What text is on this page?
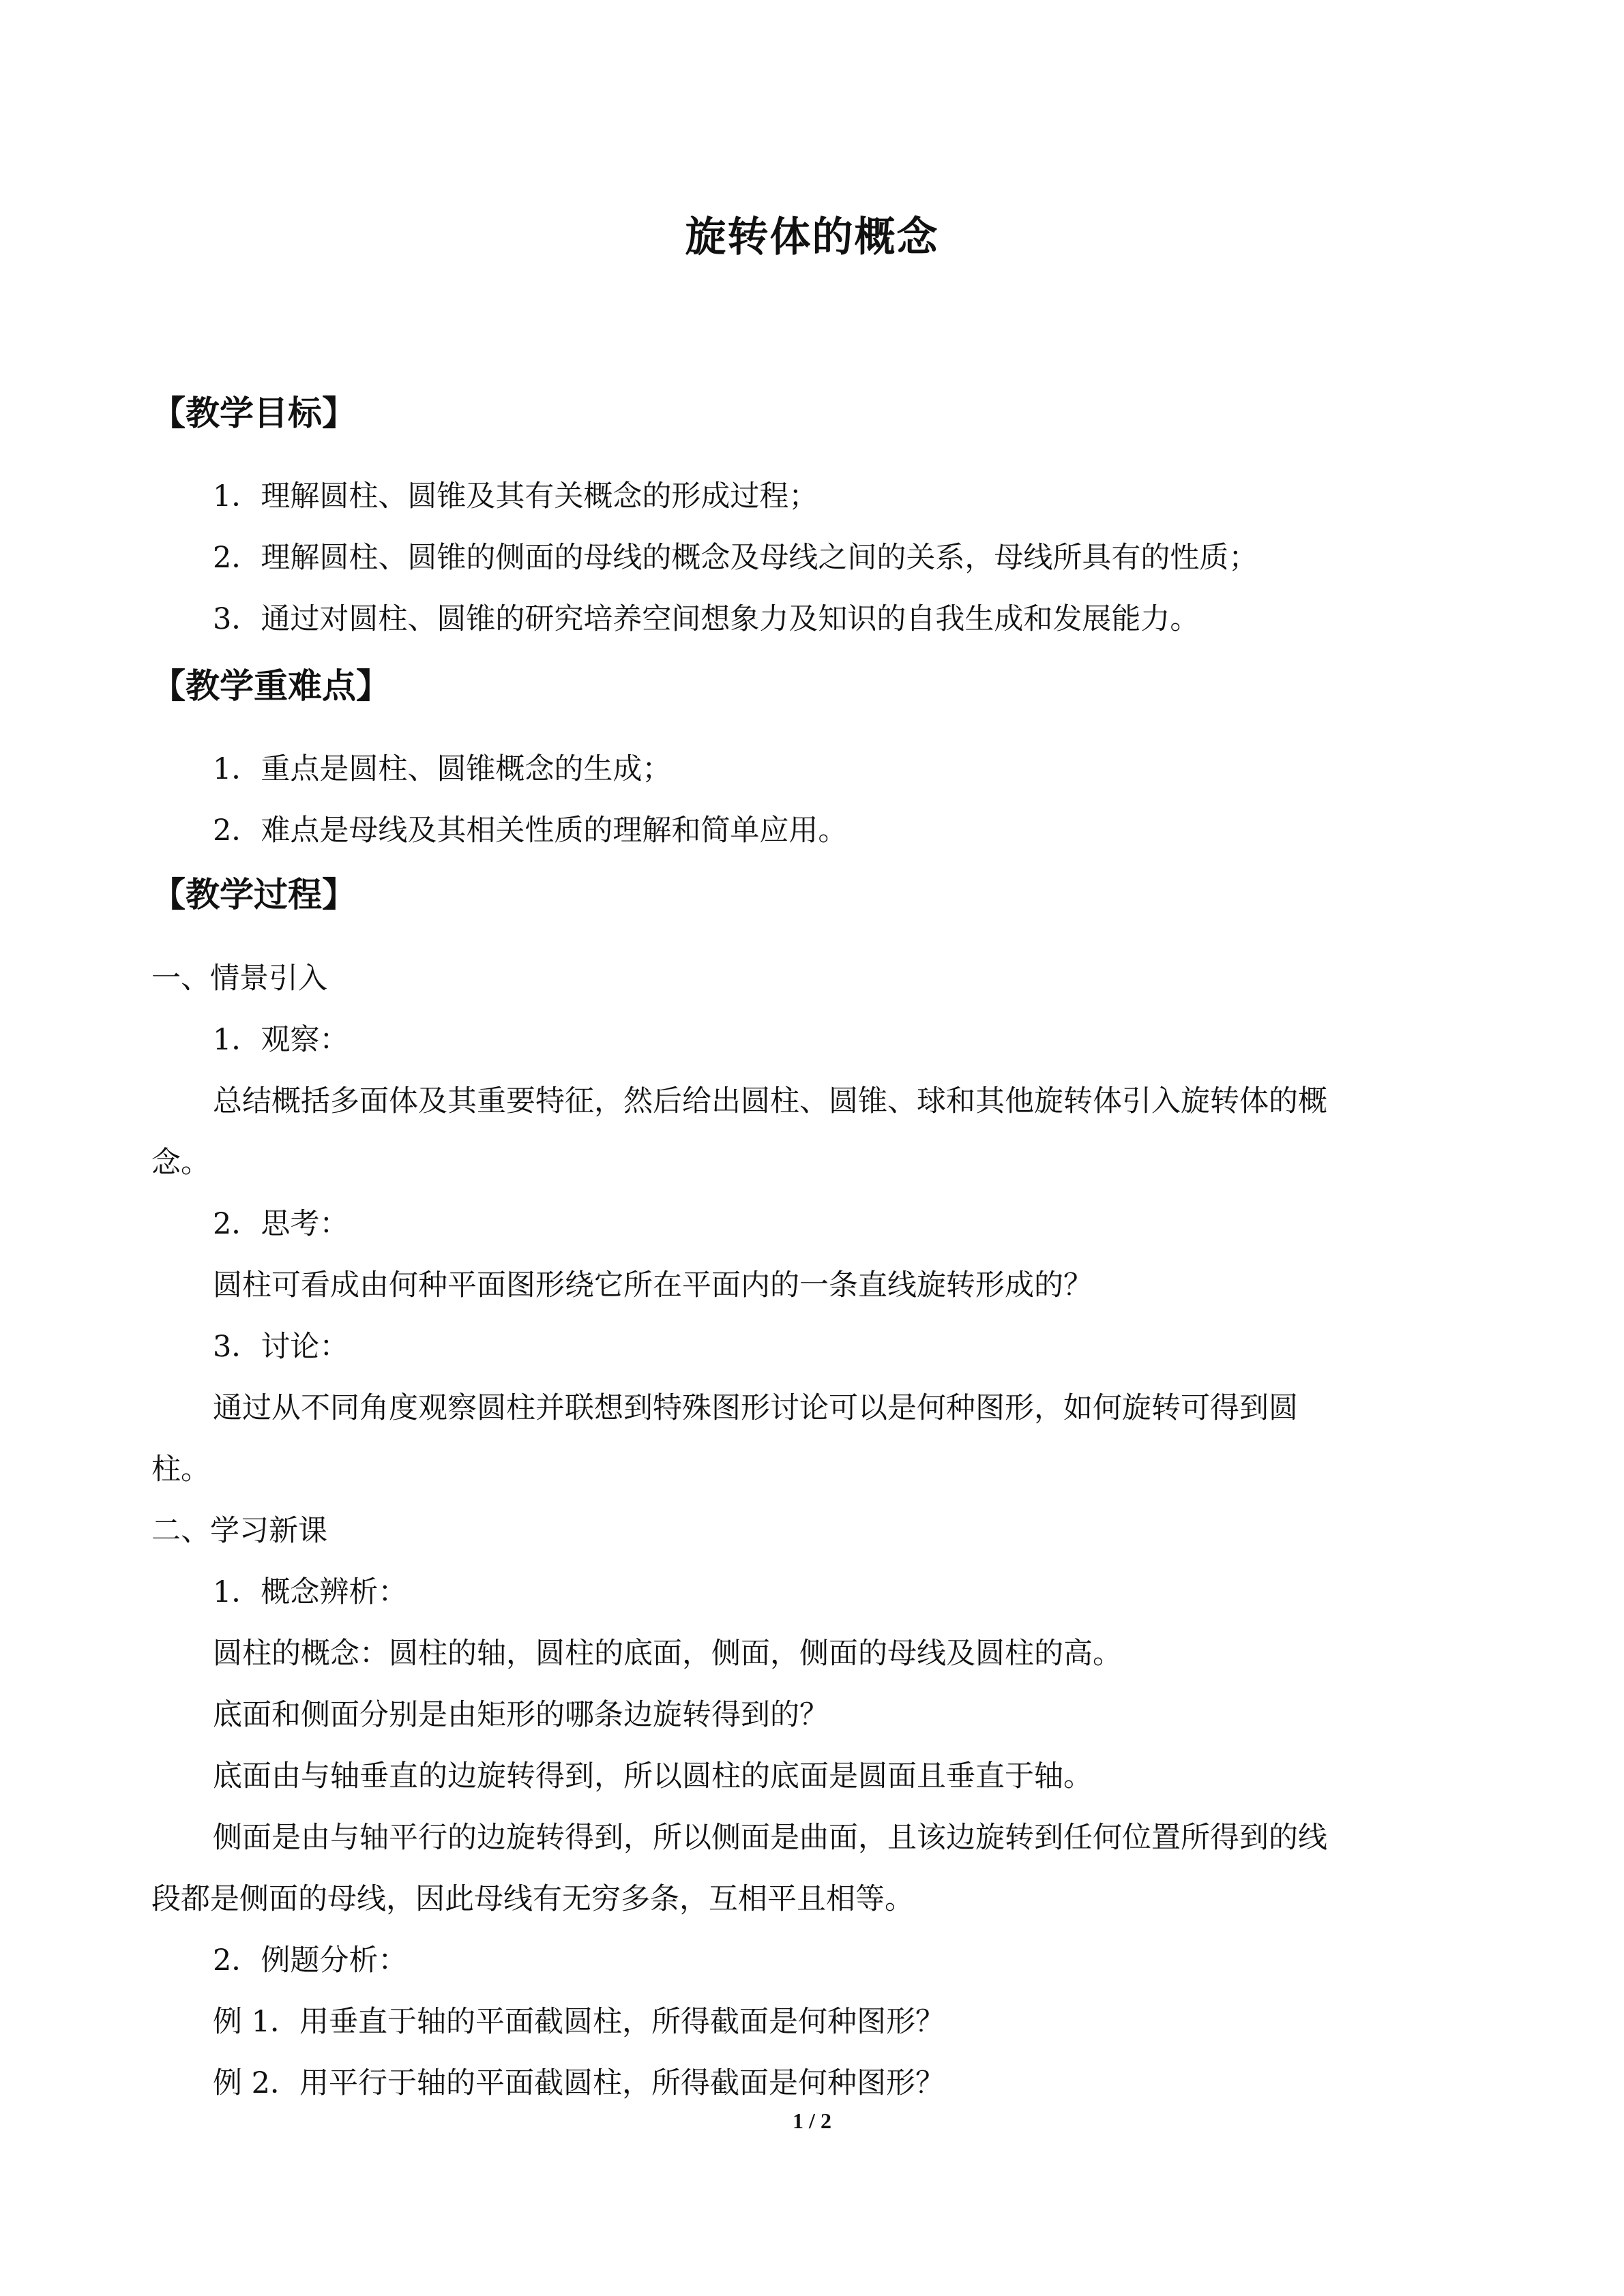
旋转体的概念
【教学目标】
1．理解圆柱、圆锥及其有关概念的形成过程；
2．理解圆柱、圆锥的侧面的母线的概念及母线之间的关系，母线所具有的性质；
3．通过对圆柱、圆锥的研究培养空间想象力及知识的自我生成和发展能力。
【教学重难点】
1．重点是圆柱、圆锥概念的生成；
2．难点是母线及其相关性质的理解和简单应用。
【教学过程】
一、情景引入
1．观察：
总结概括多面体及其重要特征，然后给出圆柱、圆锥、球和其他旋转体引入旋转体的概
念。
2．思考：
圆柱可看成由何种平面图形绕它所在平面内的一条直线旋转形成的？
3．讨论：
通过从不同角度观察圆柱并联想到特殊图形讨论可以是何种图形，如何旋转可得到圆
柱。
二、学习新课
1．概念辨析：
圆柱的概念：圆柱的轴，圆柱的底面，侧面，侧面的母线及圆柱的高。
底面和侧面分别是由矩形的哪条边旋转得到的？
底面由与轴垂直的边旋转得到，所以圆柱的底面是圆面且垂直于轴。
侧面是由与轴平行的边旋转得到，所以侧面是曲面，且该边旋转到任何位置所得到的线
段都是侧面的母线，因此母线有无穷多条，互相平且相等。
2．例题分析：
例 1．用垂直于轴的平面截圆柱，所得截面是何种图形？
例 2．用平行于轴的平面截圆柱，所得截面是何种图形？
1 / 2
